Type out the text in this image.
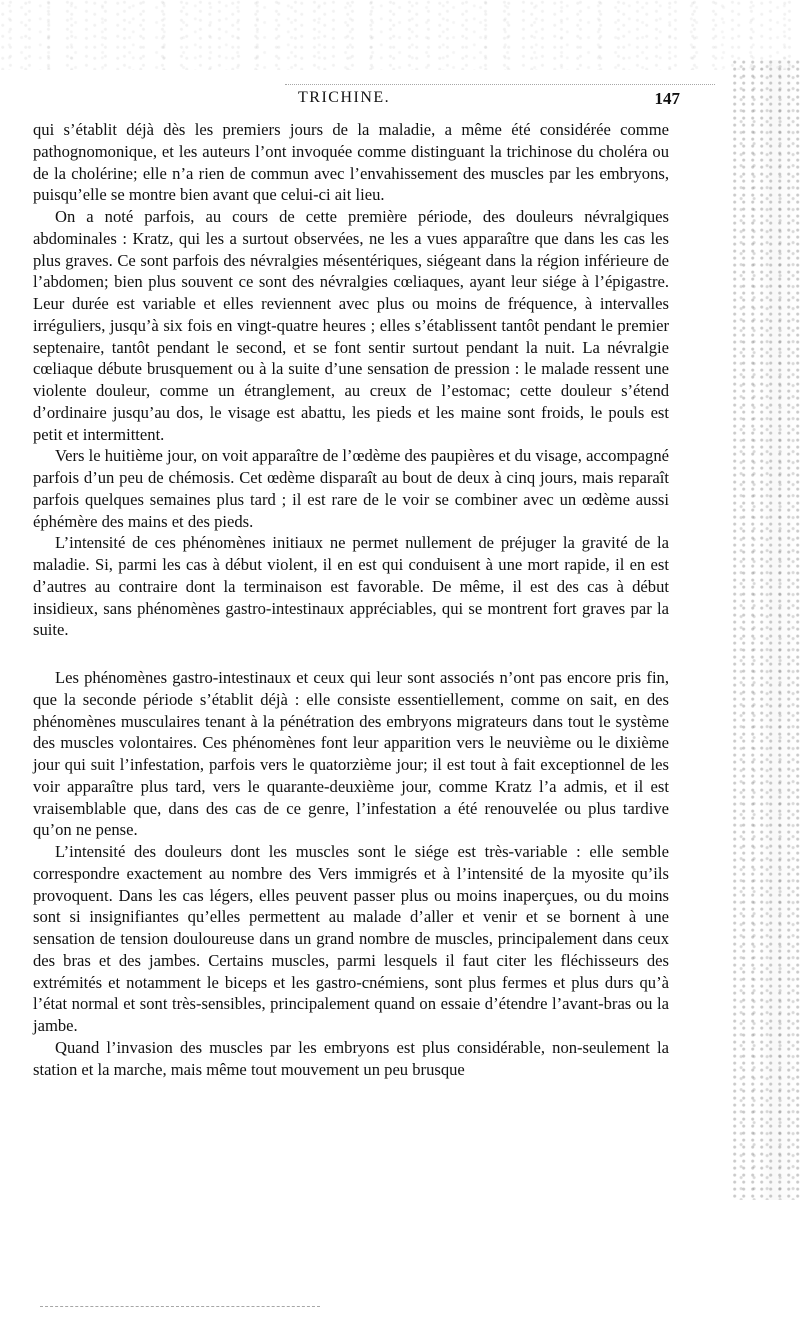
TRICHINE.	147

qui s’établit déjà dès les premiers jours de la maladie, a même été considérée comme pathognomonique, et les auteurs l’ont invoquée comme distinguant la trichinose du choléra ou de la cholérine; elle n’a rien de commun avec l’envahissement des muscles par les embryons, puisqu’elle se montre bien avant que celui-ci ait lieu.

On a noté parfois, au cours de cette première période, des douleurs névralgiques abdominales : Kratz, qui les a surtout observées, ne les a vues apparaître que dans les cas les plus graves. Ce sont parfois des névralgies mésentériques, siégeant dans la région inférieure de l’abdomen; bien plus souvent ce sont des névralgies cœliaques, ayant leur siége à l’épigastre. Leur durée est variable et elles reviennent avec plus ou moins de fréquence, à intervalles irréguliers, jusqu’à six fois en vingt-quatre heures ; elles s’établissent tantôt pendant le premier septenaire, tantôt pendant le second, et se font sentir surtout pendant la nuit. La névralgie cœliaque débute brusquement ou à la suite d’une sensation de pression : le malade ressent une violente douleur, comme un étranglement, au creux de l’estomac; cette douleur s’étend d’ordinaire jusqu’au dos, le visage est abattu, les pieds et les maine sont froids, le pouls est petit et intermittent.

Vers le huitième jour, on voit apparaître de l’œdème des paupières et du visage, accompagné parfois d’un peu de chémosis. Cet œdème disparaît au bout de deux à cinq jours, mais reparaît parfois quelques semaines plus tard ; il est rare de le voir se combiner avec un œdème aussi éphémère des mains et des pieds.

L’intensité de ces phénomènes initiaux ne permet nullement de préjuger la gravité de la maladie. Si, parmi les cas à début violent, il en est qui conduisent à une mort rapide, il en est d’autres au contraire dont la terminaison est favorable. De même, il est des cas à début insidieux, sans phénomènes gastro-intestinaux appréciables, qui se montrent fort graves par la suite.

Les phénomènes gastro-intestinaux et ceux qui leur sont associés n’ont pas encore pris fin, que la seconde période s’établit déjà : elle consiste essentiellement, comme on sait, en des phénomènes musculaires tenant à la pénétration des embryons migrateurs dans tout le système des muscles volontaires. Ces phénomènes font leur apparition vers le neuvième ou le dixième jour qui suit l’infestation, parfois vers le quatorzième jour; il est tout à fait exceptionnel de les voir apparaître plus tard, vers le quarante-deuxième jour, comme Kratz l’a admis, et il est vraisemblable que, dans des cas de ce genre, l’infestation a été renouvelée ou plus tardive qu’on ne pense.

L’intensité des douleurs dont les muscles sont le siége est très-variable : elle semble correspondre exactement au nombre des Vers immigrés et à l’intensité de la myosite qu’ils provoquent. Dans les cas légers, elles peuvent passer plus ou moins inaperçues, ou du moins sont si insignifiantes qu’elles permettent au malade d’aller et venir et se bornent à une sensation de tension douloureuse dans un grand nombre de muscles, principalement dans ceux des bras et des jambes. Certains muscles, parmi lesquels il faut citer les fléchisseurs des extrémités et notamment le biceps et les gastro-cnémiens, sont plus fermes et plus durs qu’à l’état normal et sont très-sensibles, principalement quand on essaie d’étendre l’avant-bras ou la jambe.

Quand l’invasion des muscles par les embryons est plus considérable, non-seulement la station et la marche, mais même tout mouvement un peu brusque
